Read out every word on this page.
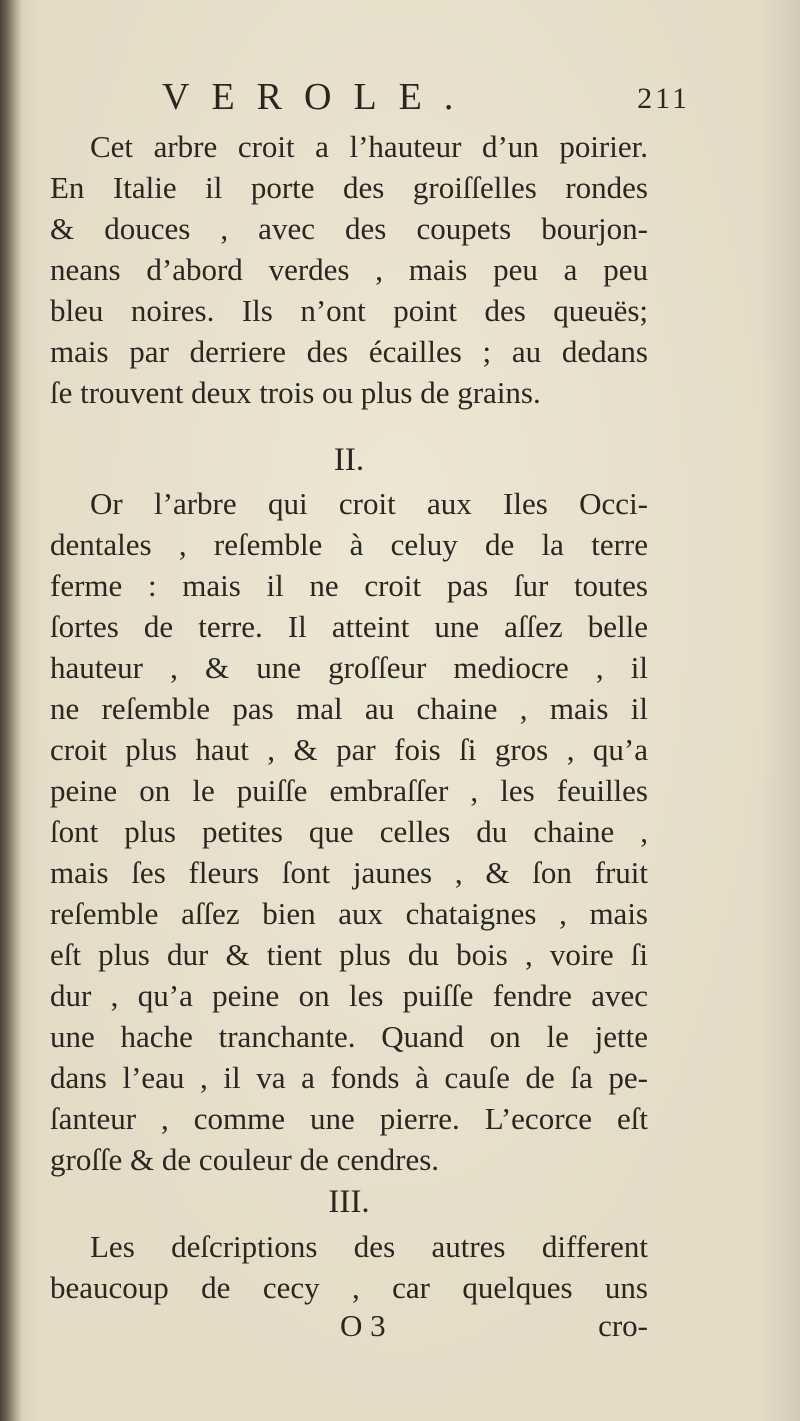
VEROLE.	211
Cet arbre croit a l’hauteur d’un poirier.
En Italie il porte des groiſſelles rondes
& douces , avec des coupets bourjon-
neans d’abord verdes , mais peu a peu
bleu noires. Ils n’ont point des queuës;
mais par derriere des écailles ; au dedans
ſe trouvent deux trois ou plus de grains.
II.
Or l’arbre qui croit aux Iles Occi-
dentales , reſemble à celuy de la terre
ferme : mais il ne croit pas ſur toutes
ſortes de terre. Il atteint une aſſez belle
hauteur , & une groſſeur mediocre , il
ne reſemble pas mal au chaine , mais il
croit plus haut , & par fois ſi gros , qu’a
peine on le puiſſe embraſſer , les feuilles
ſont plus petites que celles du chaine ,
mais ſes fleurs ſont jaunes , & ſon fruit
reſemble aſſez bien aux chataignes , mais
eſt plus dur & tient plus du bois , voire ſi
dur , qu’a peine on les puiſſe fendre avec
une hache tranchante. Quand on le jette
dans l’eau , il va a fonds à cauſe de ſa pe-
ſanteur , comme une pierre. L’ecorce eſt
groſſe & de couleur de cendres.
III.
Les deſcriptions des autres different
beaucoup de cecy , car quelques uns
O 3	cro-
